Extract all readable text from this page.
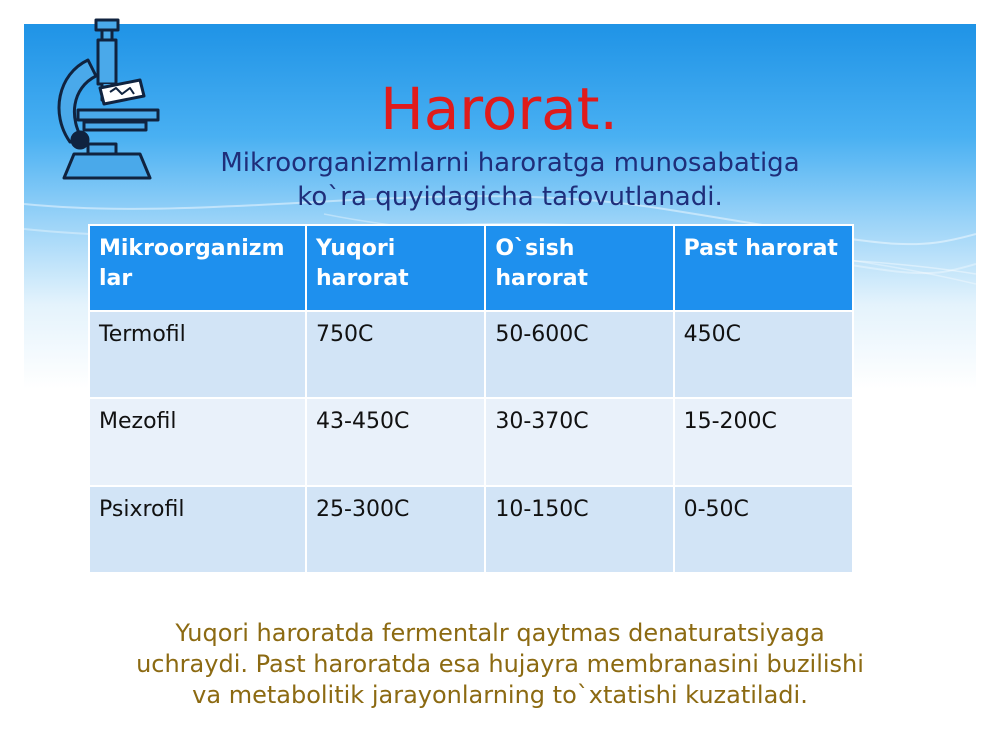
Harorat.
Mikroorganizmlarni haroratga munosabatiga
ko`ra quyidagicha tafovutlanadi.
Mikroorganizm lar	Yuqori harorat	O`sish harorat	Past harorat
Termofil	750C	50-600C	450C
Mezofil	43-450C	30-370C	15-200C
Psixrofil	25-300C	10-150C	0-50C
Yuqori haroratda fermentalr qaytmas denaturatsiyaga
uchraydi. Past haroratda esa hujayra membranasini buzilishi
va metabolitik jarayonlarning to`xtatishi kuzatiladi.
